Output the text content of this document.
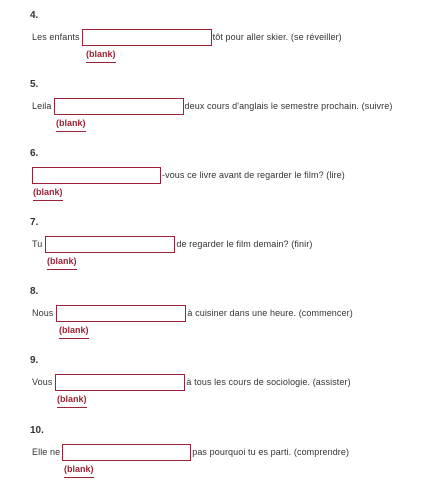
4.
Les enfants	tôt pour aller skier. (se réveiller)
(blank)
5.
Leila	deux cours d'anglais le semestre prochain. (suivre)
(blank)
6.
-vous ce livre avant de regarder le film? (lire)
(blank)
7.
Tu	de regarder le film demain? (finir)
(blank)
8.
Nous	à cuisiner dans une heure. (commencer)
(blank)
9.
Vous	à tous les cours de sociologie. (assister)
(blank)
10.
Elle ne	pas pourquoi tu es parti. (comprendre)
(blank)
